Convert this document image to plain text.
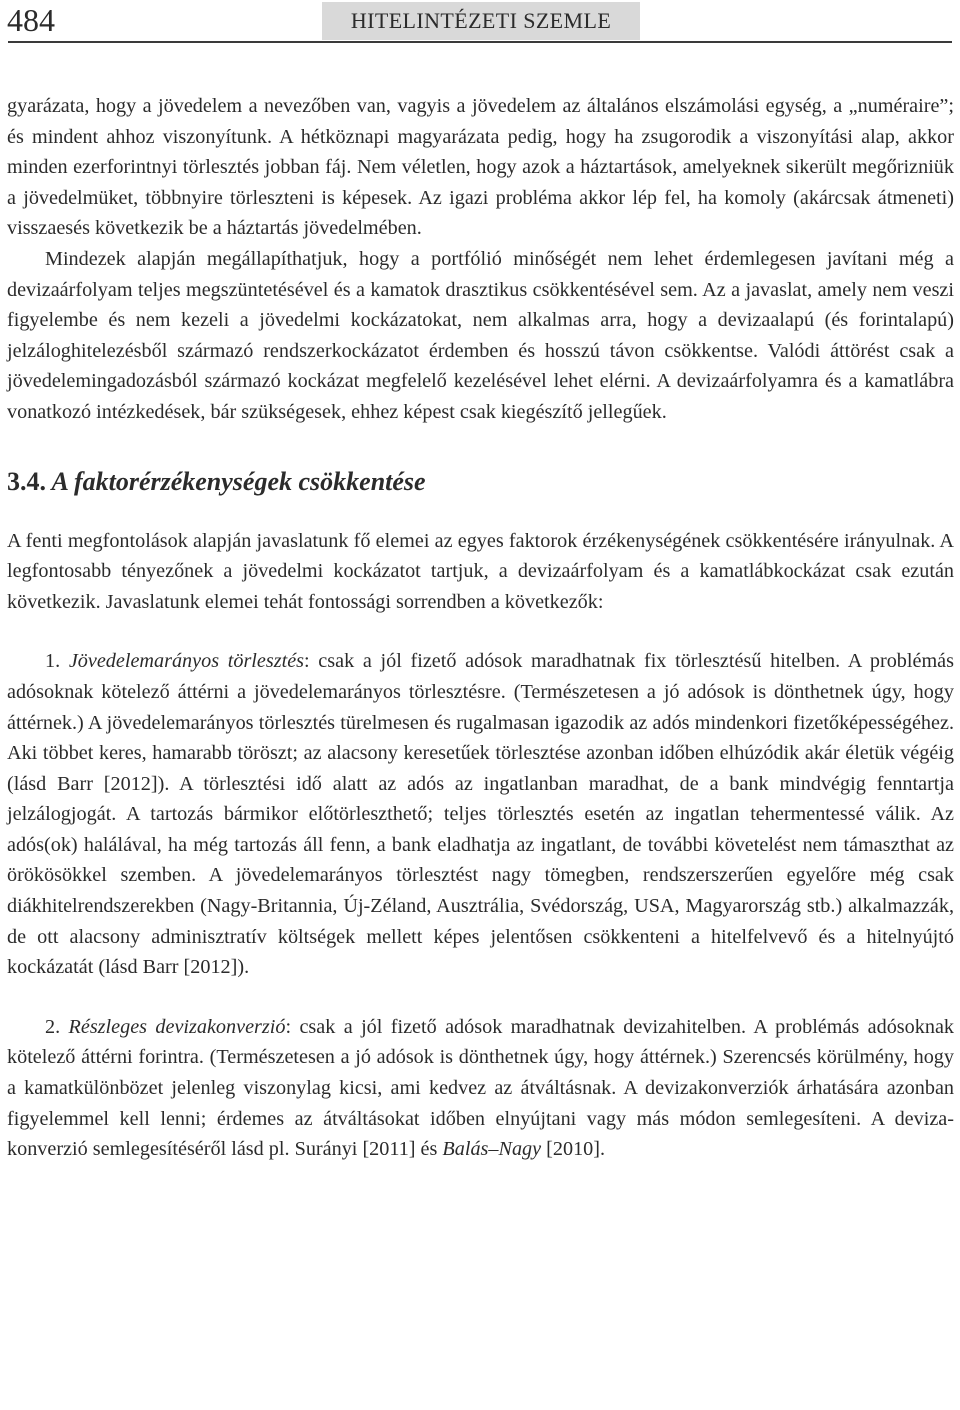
484	HITELINTÉZETI SZEMLE

gyarázata, hogy a jövedelem a nevezőben van, vagyis a jövedelem az általános elszámolási egység, a „numéraire”; és mindent ahhoz viszonyítunk. A hétköznapi magyarázata pedig, hogy ha zsugorodik a viszonyítási alap, akkor minden ezerforintnyi törlesztés jobban fáj. Nem véletlen, hogy azok a háztartások, amelyeknek sikerült megőrizniük a jövedelmüket, többnyire törleszteni is képesek. Az igazi probléma akkor lép fel, ha komoly (akárcsak átmeneti) visszaesés következik be a háztartás jövedelmében.

Mindezek alapján megállapíthatjuk, hogy a portfólió minőségét nem lehet érdemlegesen javítani még a devizaárfolyam teljes megszüntetésével és a kamatok drasztikus csökkentésével sem. Az a javaslat, amely nem veszi figyelembe és nem kezeli a jövedelmi kockázatokat, nem alkalmas arra, hogy a devizaalapú (és forintalapú) jelzáloghitelezésből származó rendszerkockázatot érdemben és hosszú távon csökkentse. Valódi áttörést csak a jövedelemingadozásból származó kockázat megfelelő kezelésével lehet elérni. A devizaárfolyamra és a kamatlábra vonatkozó intézkedések, bár szükségesek, ehhez képest csak kiegészítő jellegűek.

3.4. A faktorérzékenységek csökkentése

A fenti megfontolások alapján javaslatunk fő elemei az egyes faktorok érzékenységének csökkentésére irányulnak. A legfontosabb tényezőnek a jövedelmi kockázatot tartjuk, a devizaárfolyam és a kamatlábkockázat csak ezután következik. Javaslatunk elemei tehát fontossági sorrendben a következők:

1. Jövedelemarányos törlesztés: csak a jól fizető adósok maradhatnak fix törlesztésű hitelben. A problémás adósoknak kötelező áttérni a jövedelemarányos törlesztésre. (Természetesen a jó adósok is dönthetnek úgy, hogy áttérnek.) A jövedelemarányos törlesztés türelmesen és rugalmasan igazodik az adós mindenkori fizetőképességéhez. Aki többet keres, hamarabb töröszt; az alacsony keresetűek törlesztése azonban időben elhúzódik akár életük végéig (lásd Barr [2012]). A törlesztési idő alatt az adós az ingatlanban maradhat, de a bank mindvégig fenntartja jelzálogjogát. A tartozás bármikor előtörleszthető; teljes törlesztés esetén az ingatlan tehermentessé válik. Az adós(ok) halálával, ha még tartozás áll fenn, a bank eladhatja az ingatlant, de további követelést nem támaszthat az örökösökkel szemben. A jövedelemarányos törlesztést nagy tömegben, rendszerszerűen egyelőre még csak diákhitelrendszerekben (Nagy-Britannia, Új-Zéland, Ausztrália, Svédország, USA, Magyarország stb.) alkalmazzák, de ott alacsony adminisztratív költségek mellett képes jelentősen csökkenteni a hitelfelvevő és a hitelnyújtó kockázatát (lásd Barr [2012]).

2. Részleges devizakonverzió: csak a jól fizető adósok maradhatnak devizahitelben. A problémás adósoknak kötelező áttérni forintra. (Természetesen a jó adósok is dönthetnek úgy, hogy áttérnek.) Szerencsés körülmény, hogy a kamatkülönbözet jelenleg viszonylag kicsi, ami kedvez az átváltásnak. A devizakonverziók árhatására azonban figyelemmel kell lenni; érdemes az átváltásokat időben elnyújtani vagy más módon semlegesíteni. A devizakonverzió semlegesítéséről lásd pl. Surányi [2011] és Balás–Nagy [2010].
